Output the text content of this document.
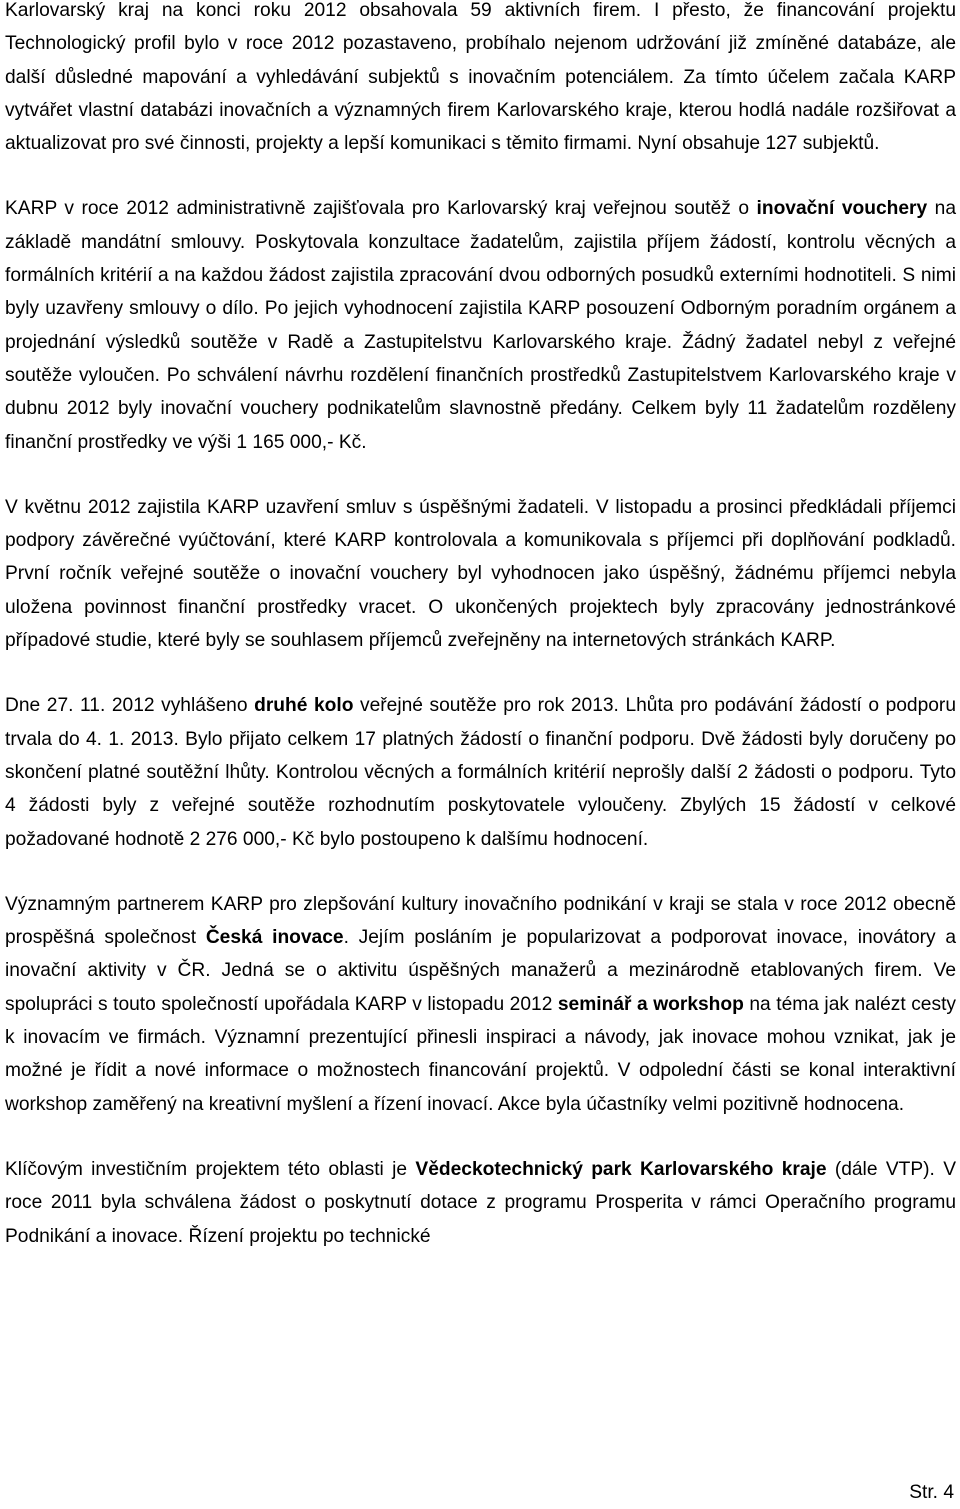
Karlovarský kraj na konci roku 2012 obsahovala 59 aktivních firem. I přesto, že financování projektu Technologický profil bylo v roce 2012 pozastaveno, probíhalo nejenom udržování již zmíněné databáze, ale další důsledné mapování a vyhledávání subjektů s inovačním potenciálem. Za tímto účelem začala KARP vytvářet vlastní databázi inovačních a významných firem Karlovarského kraje, kterou hodlá nadále rozšiřovat a aktualizovat pro své činnosti, projekty a lepší komunikaci s těmito firmami. Nyní obsahuje 127 subjektů.
KARP v roce 2012 administrativně zajišťovala pro Karlovarský kraj veřejnou soutěž o inovační vouchery na základě mandátní smlouvy. Poskytovala konzultace žadatelům, zajistila příjem žádostí, kontrolu věcných a formálních kritérií a na každou žádost zajistila zpracování dvou odborných posudků externími hodnotiteli. S nimi byly uzavřeny smlouvy o dílo. Po jejich vyhodnocení zajistila KARP posouzení Odborným poradním orgánem a projednání výsledků soutěže v Radě a Zastupitelstvu Karlovarského kraje. Žádný žadatel nebyl z veřejné soutěže vyloučen. Po schválení návrhu rozdělení finančních prostředků Zastupitelstvem Karlovarského kraje v dubnu 2012 byly inovační vouchery podnikatelům slavnostně předány. Celkem byly 11 žadatelům rozděleny finanční prostředky ve výši 1 165 000,- Kč.
V květnu 2012 zajistila KARP uzavření smluv s úspěšnými žadateli. V listopadu a prosinci předkládali příjemci podpory závěrečné vyúčtování, které KARP kontrolovala a komunikovala s příjemci při doplňování podkladů. První ročník veřejné soutěže o inovační vouchery byl vyhodnocen jako úspěšný, žádnému příjemci nebyla uložena povinnost finanční prostředky vracet. O ukončených projektech byly zpracovány jednostránkové případové studie, které byly se souhlasem příjemců zveřejněny na internetových stránkách KARP.
Dne 27. 11. 2012 vyhlášeno druhé kolo veřejné soutěže pro rok 2013. Lhůta pro podávání žádostí o podporu trvala do 4. 1. 2013. Bylo přijato celkem 17 platných žádostí o finanční podporu. Dvě žádosti byly doručeny po skončení platné soutěžní lhůty. Kontrolou věcných a formálních kritérií neprošly další 2 žádosti o podporu. Tyto 4 žádosti byly z veřejné soutěže rozhodnutím poskytovatele vyloučeny. Zbylých 15 žádostí v celkové požadované hodnotě 2 276 000,- Kč bylo postoupeno k dalšímu hodnocení.
Významným partnerem KARP pro zlepšování kultury inovačního podnikání v kraji se stala v roce 2012 obecně prospěšná společnost Česká inovace. Jejím posláním je popularizovat a podporovat inovace, inovátory a inovační aktivity v ČR. Jedná se o aktivitu úspěšných manažerů a mezinárodně etablovaných firem. Ve spolupráci s touto společností upořádala KARP v listopadu 2012 seminář a workshop na téma jak nalézt cesty k inovacím ve firmách. Významní prezentující přinesli inspiraci a návody, jak inovace mohou vznikat, jak je možné je řídit a nové informace o možnostech financování projektů. V odpolední části se konal interaktivní workshop zaměřený na kreativní myšlení a řízení inovací. Akce byla účastníky velmi pozitivně hodnocena.
Klíčovým investičním projektem této oblasti je Vědeckotechnický park Karlovarského kraje (dále VTP). V roce 2011 byla schválena žádost o poskytnutí dotace z programu Prosperita v rámci Operačního programu Podnikání a inovace. Řízení projektu po technické
Str. 4
